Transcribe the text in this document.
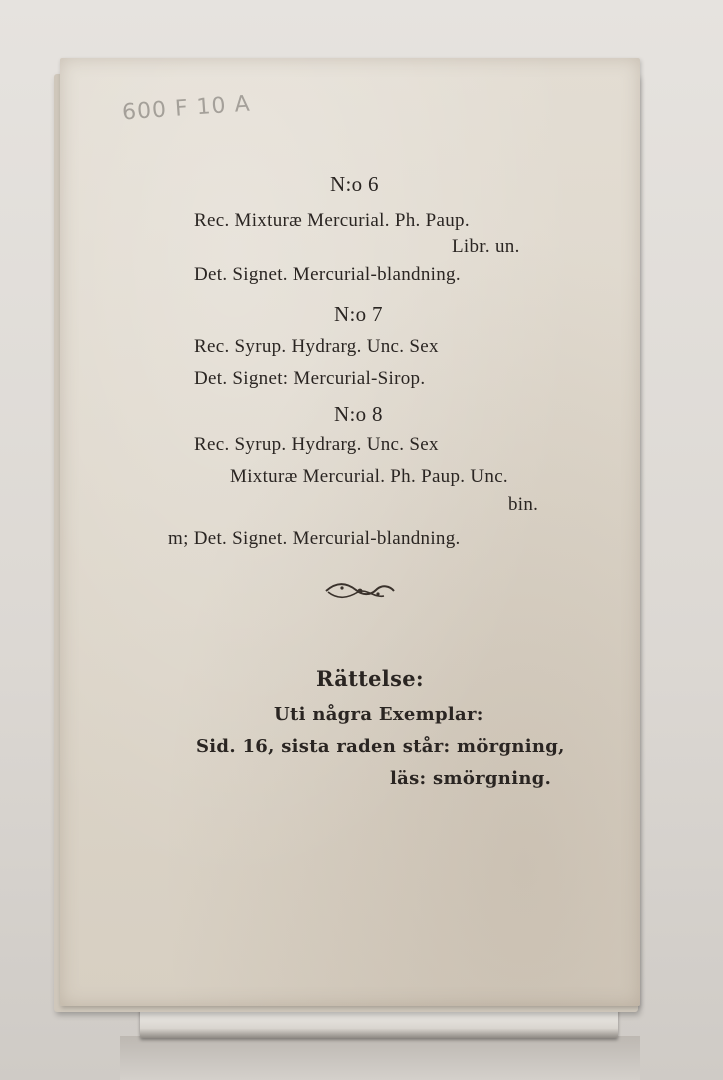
600 F 10 A
N:o 6
Rec. Mixturæ Mercurial. Ph. Paup.
Libr. un.
Det. Signet. Mercurial-blandning.
N:o 7
Rec. Syrup. Hydrarg. Unc. Sex
Det. Signet: Mercurial-Sirop.
N:o 8
Rec. Syrup. Hydrarg. Unc. Sex
Mixturæ Mercurial. Ph. Paup. Unc.
bin.
m; Det. Signet. Mercurial-blandning.
Rättelse:
Uti några Exemplar:
Sid. 16, sista raden står: mörgning,
läs: smörgning.
